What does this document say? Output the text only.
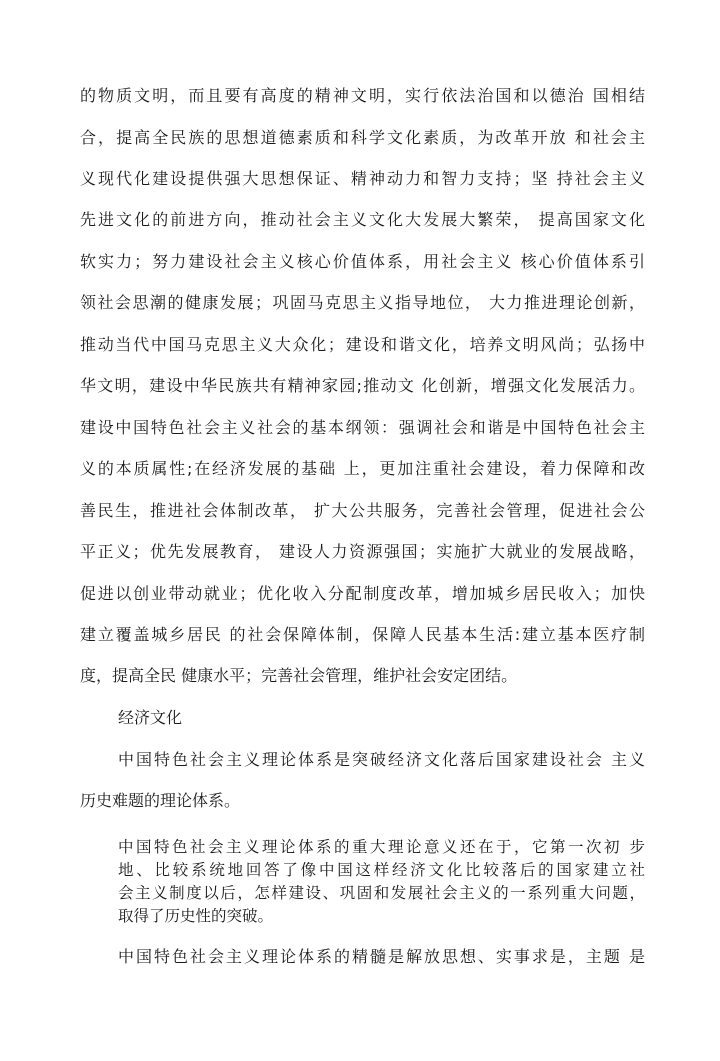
的物质文明，而且要有高度的精神文明，实行依法治国和以德治 国相结
合，提高全民族的思想道德素质和科学文化素质，为改革开放 和社会主
义现代化建设提供强大思想保证、精神动力和智力支持；坚 持社会主义
先进文化的前进方向，推动社会主义文化大发展大繁荣， 提高国家文化
软实力；努力建设社会主义核心价值体系，用社会主义 核心价值体系引
领社会思潮的健康发展；巩固马克思主义指导地位， 大力推进理论创新，
推动当代中国马克思主义大众化；建设和谐文化，培养文明风尚；弘扬中
华文明，建设中华民族共有精神家园;推动文 化创新，增强文化发展活力。
建设中国特色社会主义社会的基本纲领：强调社会和谐是中国特色社会主
义的本质属性;在经济发展的基础 上，更加注重社会建设，着力保障和改
善民生，推进社会体制改革， 扩大公共服务，完善社会管理，促进社会公
平正义；优先发展教育， 建设人力资源强国；实施扩大就业的发展战略，
促进以创业带动就业；优化收入分配制度改革，增加城乡居民收入；加快
建立覆盖城乡居民 的社会保障体制，保障人民基本生活:建立基本医疗制
度，提高全民 健康水平；完善社会管理，维护社会安定团结。
经济文化
中国特色社会主义理论体系是突破经济文化落后国家建设社会 主义
历史难题的理论体系。
中国特色社会主义理论体系的重大理论意义还在于，它第一次初 步
地、比较系统地回答了像中国这样经济文化比较落后的国家建立社
会主义制度以后，怎样建设、巩固和发展社会主义的一系列重大问题，
取得了历史性的突破。
中国特色社会主义理论体系的精髓是解放思想、实事求是，主题 是
